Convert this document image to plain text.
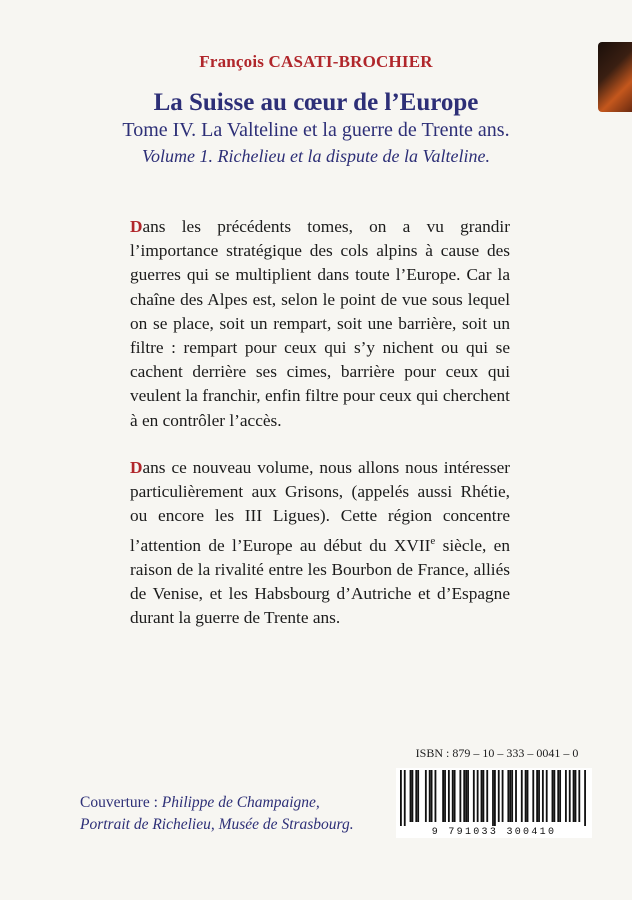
François CASATI-BROCHIER
La Suisse au cœur de l’Europe
Tome IV. La Valteline et la guerre de Trente ans.
Volume 1. Richelieu et la dispute de la Valteline.
Dans les précédents tomes, on a vu grandir l’importance stratégique des cols alpins à cause des guerres qui se multiplient dans toute l’Europe. Car la chaîne des Alpes est, selon le point de vue sous lequel on se place, soit un rempart, soit une barrière, soit un filtre : rempart pour ceux qui s’y nichent ou qui se cachent derrière ses cimes, barrière pour ceux qui veulent la franchir, enfin filtre pour ceux qui cherchent à en contrôler l’accès.
Dans ce nouveau volume, nous allons nous intéresser particulièrement aux Grisons, (appelés aussi Rhétie, ou encore les III Ligues). Cette région concentre l’attention de l’Europe au début du XVIIe siècle, en raison de la rivalité entre les Bourbon de France, alliés de Venise, et les Habsbourg d’Autriche et d’Espagne durant la guerre de Trente ans.
ISBN : 879 – 10 – 333 – 0041 – 0
9 791033 300410
Couverture : Philippe de Champaigne,
Portrait de Richelieu, Musée de Strasbourg.
